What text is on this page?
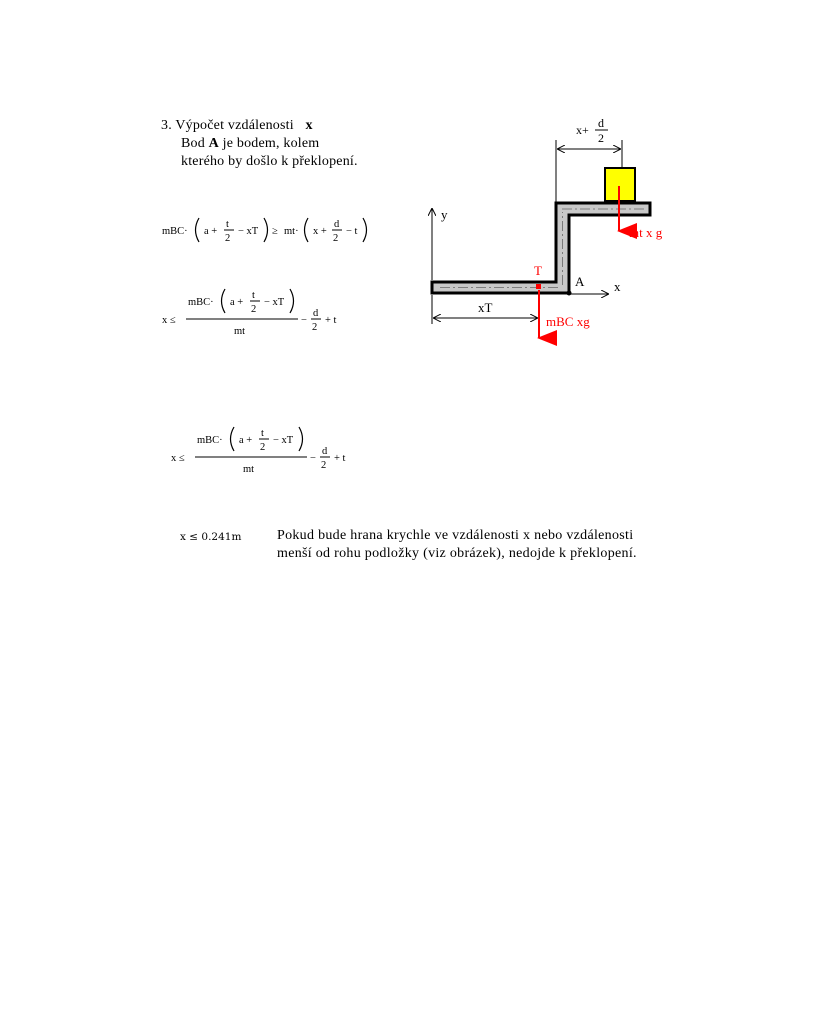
3. Výpočet vzdálenosti x
Bod A je bodem, kolem
kterého by došlo k překlopení.
mBC· a +
t
2
− xT ≥ mt· x +
d
2
− t
x ≤
mBC· a +
t
2
− xT
mt
−
d
2
+ t
x ≤
mBC· a +
t
2
− xT
mt
−
d
2
+ t
x ≤ 0.241m	Pokud bude hrana krychle ve vzdálenosti x nebo vzdálenosti
menší od rohu podložky (viz obrázek), nedojde k překlopení.
x+ d
2
y
x
A
T
xT
mt x g
mBC xg
